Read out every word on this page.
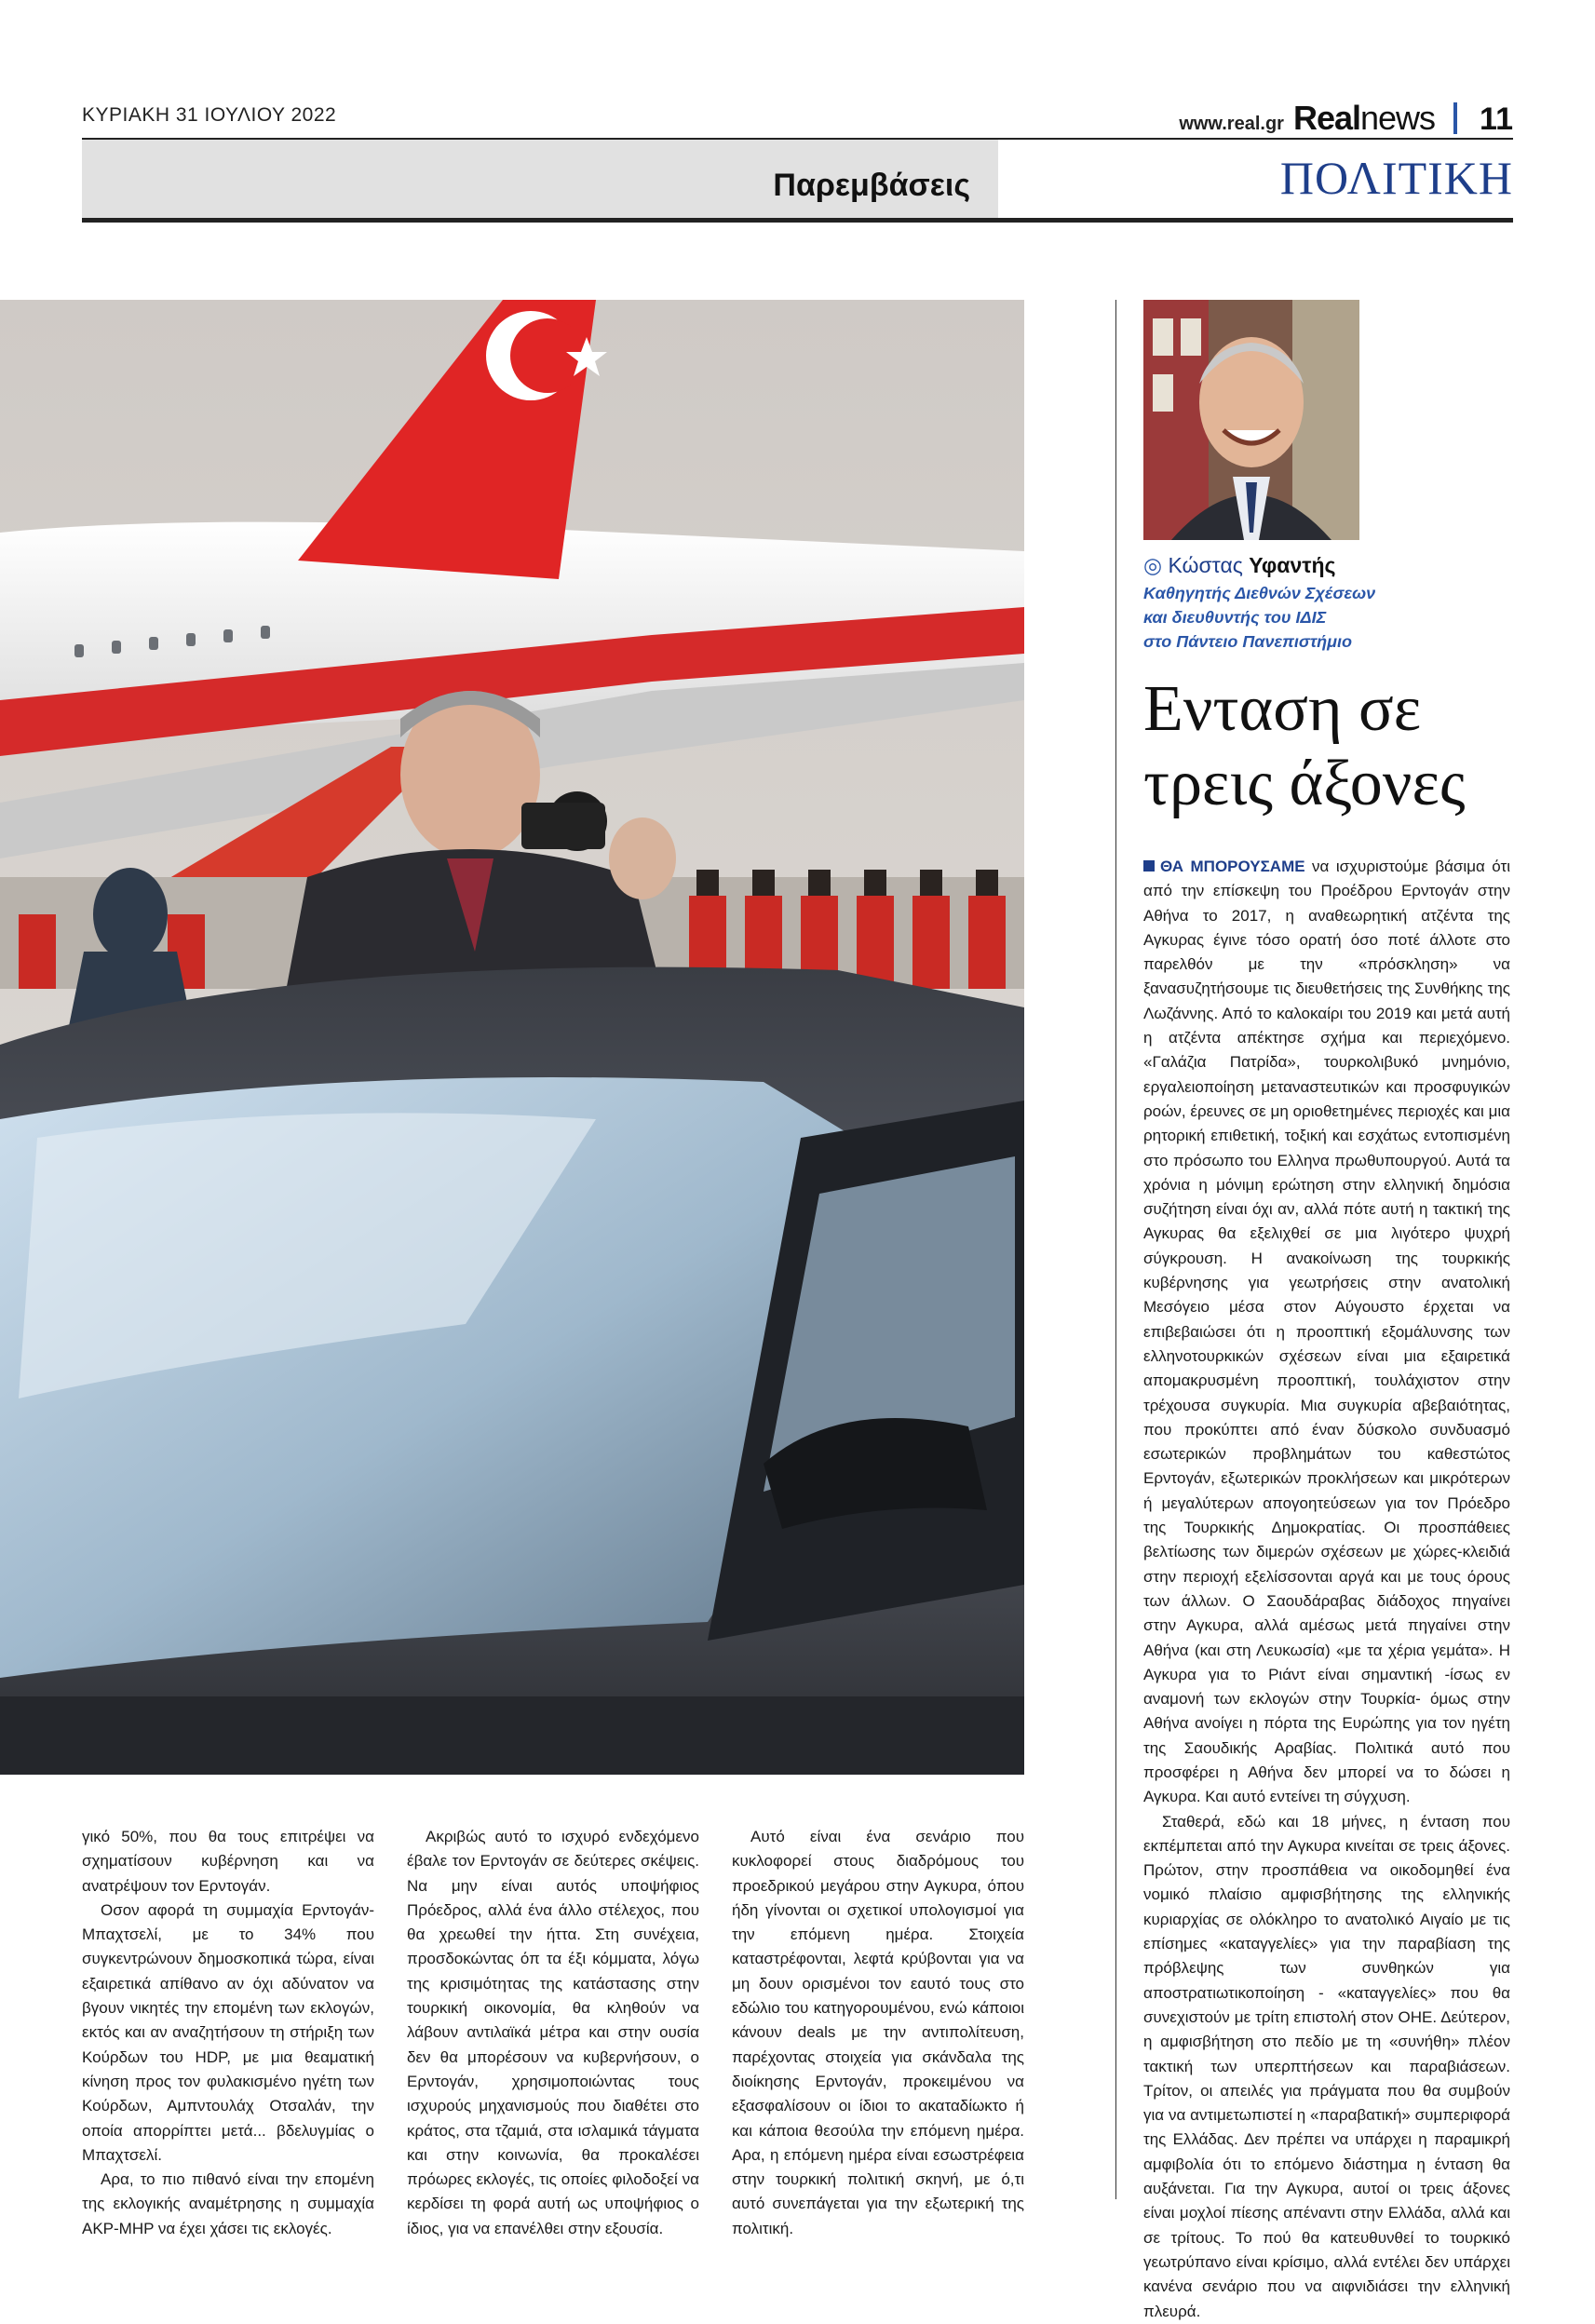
ΚΥΡΙΑΚΗ 31 ΙΟΥΛΙΟΥ 2022	www.real.gr Realnews 11
Παρεμβάσεις	ΠΟΛΙΤΙΚΗ
◎ Κώστας Υφαντής
Καθηγητής Διεθνών Σχέσεων
και διευθυντής του ΙΔΙΣ
στο Πάντειο Πανεπιστήμιο
Ενταση σε
τρεις άξονες

ΘΑ ΜΠΟΡΟΥΣΑΜΕ να ισχυριστούμε βάσιμα ότι από την επίσκεψη του Προέδρου Ερντογάν στην Αθήνα το 2017, η αναθεωρητική ατζέντα της Αγκυρας έγινε τόσο ορατή όσο ποτέ άλλοτε στο παρελθόν με την «πρόσκληση» να ξανασυζητήσουμε τις διευθετήσεις της Συνθήκης της Λωζάννης. Από το καλοκαίρι του 2019 και μετά αυτή η ατζέντα απέκτησε σχήμα και περιεχόμενο. «Γαλάζια Πατρίδα», τουρκολιβυκό μνημόνιο, εργαλειοποίηση μεταναστευτικών και προσφυγικών ροών, έρευνες σε μη οριοθετημένες περιοχές και μια ρητορική επιθετική, τοξική και εσχάτως εντοπισμένη στο πρόσωπο του Ελληνα πρωθυπουργού. Αυτά τα χρόνια η μόνιμη ερώτηση στην ελληνική δημόσια συζήτηση είναι όχι αν, αλλά πότε αυτή η τακτική της Αγκυρας θα εξελιχθεί σε μια λιγότερο ψυχρή σύγκρουση. Η ανακοίνωση της τουρκικής κυβέρνησης για γεωτρήσεις στην ανατολική Μεσόγειο μέσα στον Αύγουστο έρχεται να επιβεβαιώσει ότι η προοπτική εξομάλυνσης των ελληνοτουρκικών σχέσεων είναι μια εξαιρετικά απομακρυσμένη προοπτική, τουλάχιστον στην τρέχουσα συγκυρία. Μια συγκυρία αβεβαιότητας, που προκύπτει από έναν δύσκολο συνδυασμό εσωτερικών προβλημάτων του καθεστώτος Ερντογάν, εξωτερικών προκλήσεων και μικρότερων ή μεγαλύτερων απογοητεύσεων για τον Πρόεδρο της Τουρκικής Δημοκρατίας. Οι προσπάθειες βελτίωσης των διμερών σχέσεων με χώρες-κλειδιά στην περιοχή εξελίσσονται αργά και με τους όρους των άλλων. Ο Σαουδάραβας διάδοχος πηγαίνει στην Αγκυρα, αλλά αμέσως μετά πηγαίνει στην Αθήνα (και στη Λευκωσία) «με τα χέρια γεμάτα». Η Αγκυρα για το Ριάντ είναι σημαντική -ίσως εν αναμονή των εκλογών στην Τουρκία- όμως στην Αθήνα ανοίγει η πόρτα της Ευρώπης για τον ηγέτη της Σαουδικής Αραβίας. Πολιτικά αυτό που προσφέρει η Αθήνα δεν μπορεί να το δώσει η Αγκυρα. Και αυτό εντείνει τη σύγχυση.

Σταθερά, εδώ και 18 μήνες, η ένταση που εκπέμπεται από την Αγκυρα κινείται σε τρεις άξονες. Πρώτον, στην προσπάθεια να οικοδομηθεί ένα νομικό πλαίσιο αμφισβήτησης της ελληνικής κυριαρχίας σε ολόκληρο το ανατολικό Αιγαίο με τις επίσημες «καταγγελίες» για την παραβίαση της πρόβλεψης των συνθηκών για αποστρατιωτικοποίηση - «καταγγελίες» που θα συνεχιστούν με τρίτη επιστολή στον ΟΗΕ. Δεύτερον, η αμφισβήτηση στο πεδίο με τη «συνήθη» πλέον τακτική των υπερπτήσεων και παραβιάσεων. Τρίτον, οι απειλές για πράγματα που θα συμβούν για να αντιμετωπιστεί η «παραβατική» συμπεριφορά της Ελλάδας. Δεν πρέπει να υπάρχει η παραμικρή αμφιβολία ότι το επόμενο διάστημα η ένταση θα αυξάνεται. Για την Αγκυρα, αυτοί οι τρεις άξονες είναι μοχλοί πίεσης απέναντι στην Ελλάδα, αλλά και σε τρίτους. Το πού θα κατευθυνθεί το τουρκικό γεωτρύπανο είναι κρίσιμο, αλλά εντέλει δεν υπάρχει κανένα σενάριο που να αιφνιδιάσει την ελληνική πλευρά.

γικό 50%, που θα τους επιτρέψει να σχηματίσουν κυβέρνηση και να ανατρέψουν τον Ερντογάν.

Οσον αφορά τη συμμαχία Ερντογάν-Μπαχτσελί, με το 34% που συγκεντρώνουν δημοσκοπικά τώρα, είναι εξαιρετικά απίθανο αν όχι αδύνατον να βγουν νικητές την επομένη των εκλογών, εκτός και αν αναζητήσουν τη στήριξη των Κούρδων του HDP, με μια θεαματική κίνηση προς τον φυλακισμένο ηγέτη των Κούρδων, Αμπντουλάχ Οτσαλάν, την οποία απορρίπτει μετά... βδελυγμίας ο Μπαχτσελί.

Αρα, το πιο πιθανό είναι την επομένη της εκλογικής αναμέτρησης η συμμαχία ΑΚΡ-ΜΗΡ να έχει χάσει τις εκλογές.

Ακριβώς αυτό το ισχυρό ενδεχόμενο έβαλε τον Ερντογάν σε δεύτερες σκέψεις. Να μην είναι αυτός υποψήφιος Πρόεδρος, αλλά ένα άλλο στέλεχος, που θα χρεωθεί την ήττα. Στη συνέχεια, προσδοκώντας όπ τα έξι κόμματα, λόγω της κρισιμότητας της κατάστασης στην τουρκική οικονομία, θα κληθούν να λάβουν αντιλαϊκά μέτρα και στην ουσία δεν θα μπορέσουν να κυβερνήσουν, ο Ερντογάν, χρησιμοποιώντας τους ισχυρούς μηχανισμούς που διαθέτει στο κράτος, στα τζαμιά, στα ισλαμικά τάγματα και στην κοινωνία, θα προκαλέσει πρόωρες εκλογές, τις οποίες φιλοδοξεί να κερδίσει τη φορά αυτή ως υποψήφιος ο ίδιος, για να επανέλθει στην εξουσία.

Αυτό είναι ένα σενάριο που κυκλοφορεί στους διαδρόμους του προεδρικού μεγάρου στην Αγκυρα, όπου ήδη γίνονται οι σχετικοί υπολογισμοί για την επόμενη ημέρα. Στοιχεία καταστρέφονται, λεφτά κρύβονται για να μη δουν ορισμένοι τον εαυτό τους στο εδώλιο του κατηγορουμένου, ενώ κάποιοι κάνουν deals με την αντιπολίτευση, παρέχοντας στοιχεία για σκάνδαλα της διοίκησης Ερντογάν, προκειμένου να εξασφαλίσουν οι ίδιοι το ακαταδίωκτο ή και κάποια θεσούλα την επόμενη ημέρα. Αρα, η επόμενη ημέρα είναι εσωστρέφεια στην τουρκική πολιτική σκηνή, με ό,τι αυτό συνεπάγεται για την εξωτερική της πολιτική.
